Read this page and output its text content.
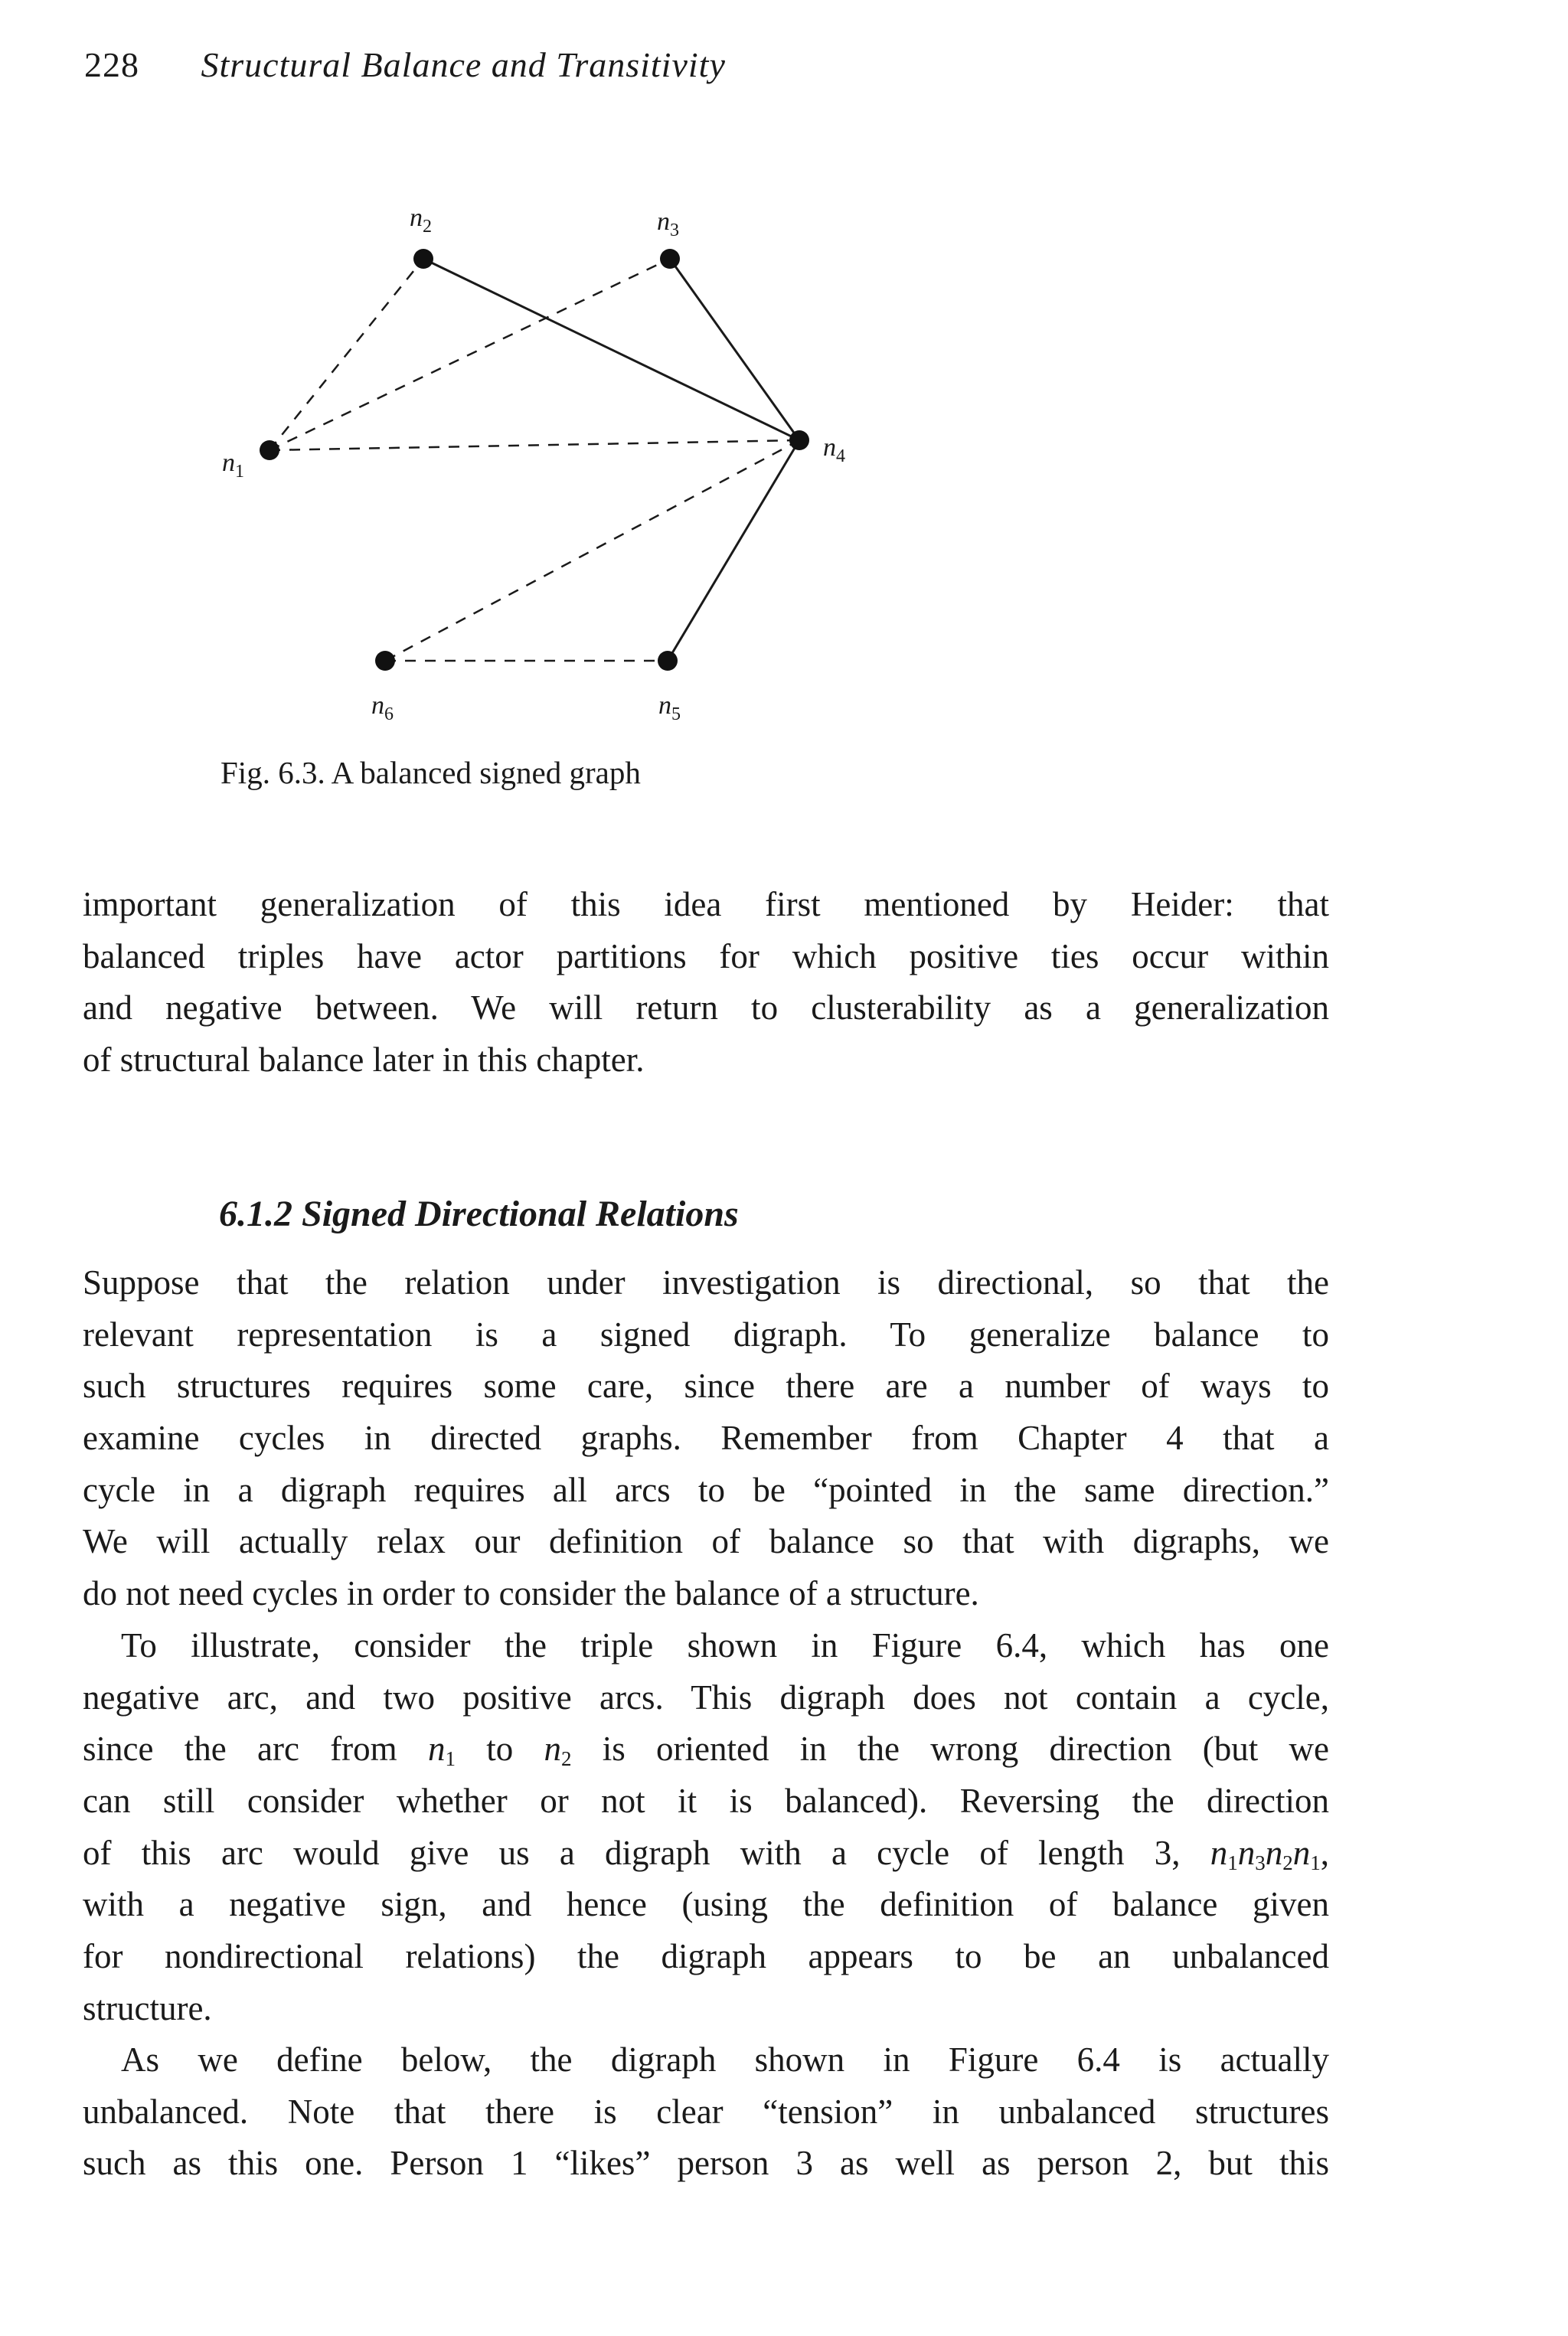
228 Structural Balance and Transitivity
$n_1$
$n_2$	$n_3$
$n_4$
$n_5$
$n_6$
Fig. 6.3. A balanced signed graph
important generalization of this idea first mentioned by Heider: that
balanced triples have actor partitions for which positive ties occur within
and negative between. We will return to clusterability as a generalization
of structural balance later in this chapter.
6.1.2 Signed Directional Relations
Suppose that the relation under investigation is directional, so that the
relevant representation is a signed digraph. To generalize balance to
such structures requires some care, since there are a number of ways to
examine cycles in directed graphs. Remember from Chapter 4 that a
cycle in a digraph requires all arcs to be “pointed in the same direction.”
We will actually relax our definition of balance so that with digraphs, we
do not need cycles in order to consider the balance of a structure.
To illustrate, consider the triple shown in Figure 6.4, which has one
negative arc, and two positive arcs. This digraph does not contain a cycle,
since the arc from $n_1$ to $n_2$ is oriented in the wrong direction (but we
can still consider whether or not it is balanced). Reversing the direction
of this arc would give us a digraph with a cycle of length 3, $n_1n_3n_2n_1$,
with a negative sign, and hence (using the definition of balance given
for nondirectional relations) the digraph appears to be an unbalanced
structure.
As we define below, the digraph shown in Figure 6.4 is actually
unbalanced. Note that there is clear “tension” in unbalanced structures
such as this one. Person 1 “likes” person 3 as well as person 2, but this
